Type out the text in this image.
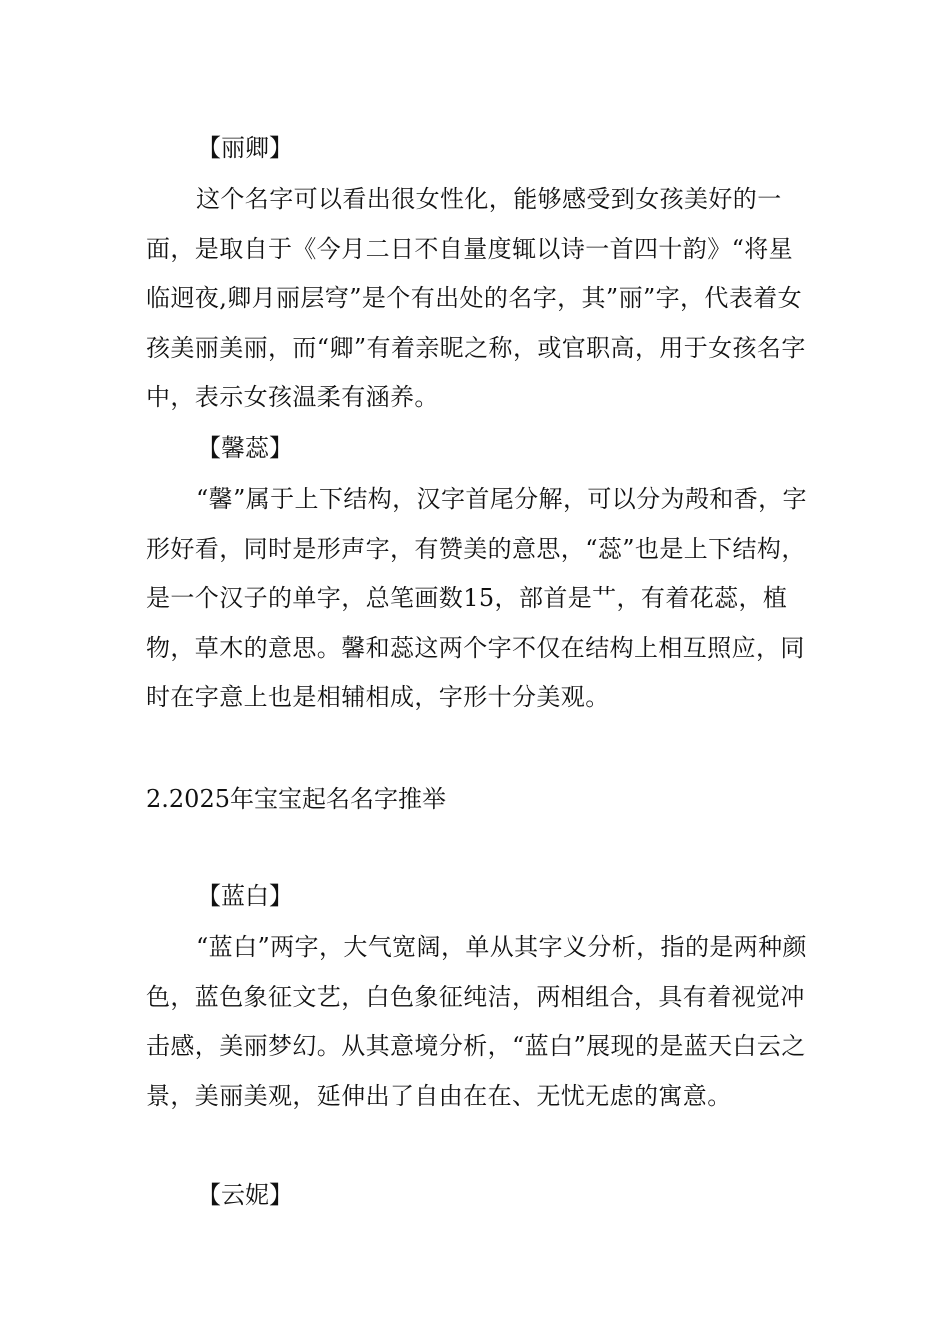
【丽卿】

这个名字可以看出很女性化，能够感受到女孩美好的一面，是取自于《今月二日不自量度辄以诗一首四十韵》“将星临迥夜,卿月丽层穹”是个有出处的名字，其”丽”字，代表着女孩美丽美丽，而“卿”有着亲昵之称，或官职高，用于女孩名字中，表示女孩温柔有涵养。

【馨蕊】

“馨”属于上下结构，汉字首尾分解，可以分为殸和香，字形好看，同时是形声字，有赞美的意思，“蕊”也是上下结构，是一个汉子的单字，总笔画数15，部首是艹，有着花蕊，植物，草木的意思。馨和蕊这两个字不仅在结构上相互照应，同时在字意上也是相辅相成，字形十分美观。

2.2025年宝宝起名名字推举

【蓝白】

“蓝白”两字，大气宽阔，单从其字义分析，指的是两种颜色，蓝色象征文艺，白色象征纯洁，两相组合，具有着视觉冲击感，美丽梦幻。从其意境分析，“蓝白”展现的是蓝天白云之景，美丽美观，延伸出了自由在在、无忧无虑的寓意。

【云妮】
